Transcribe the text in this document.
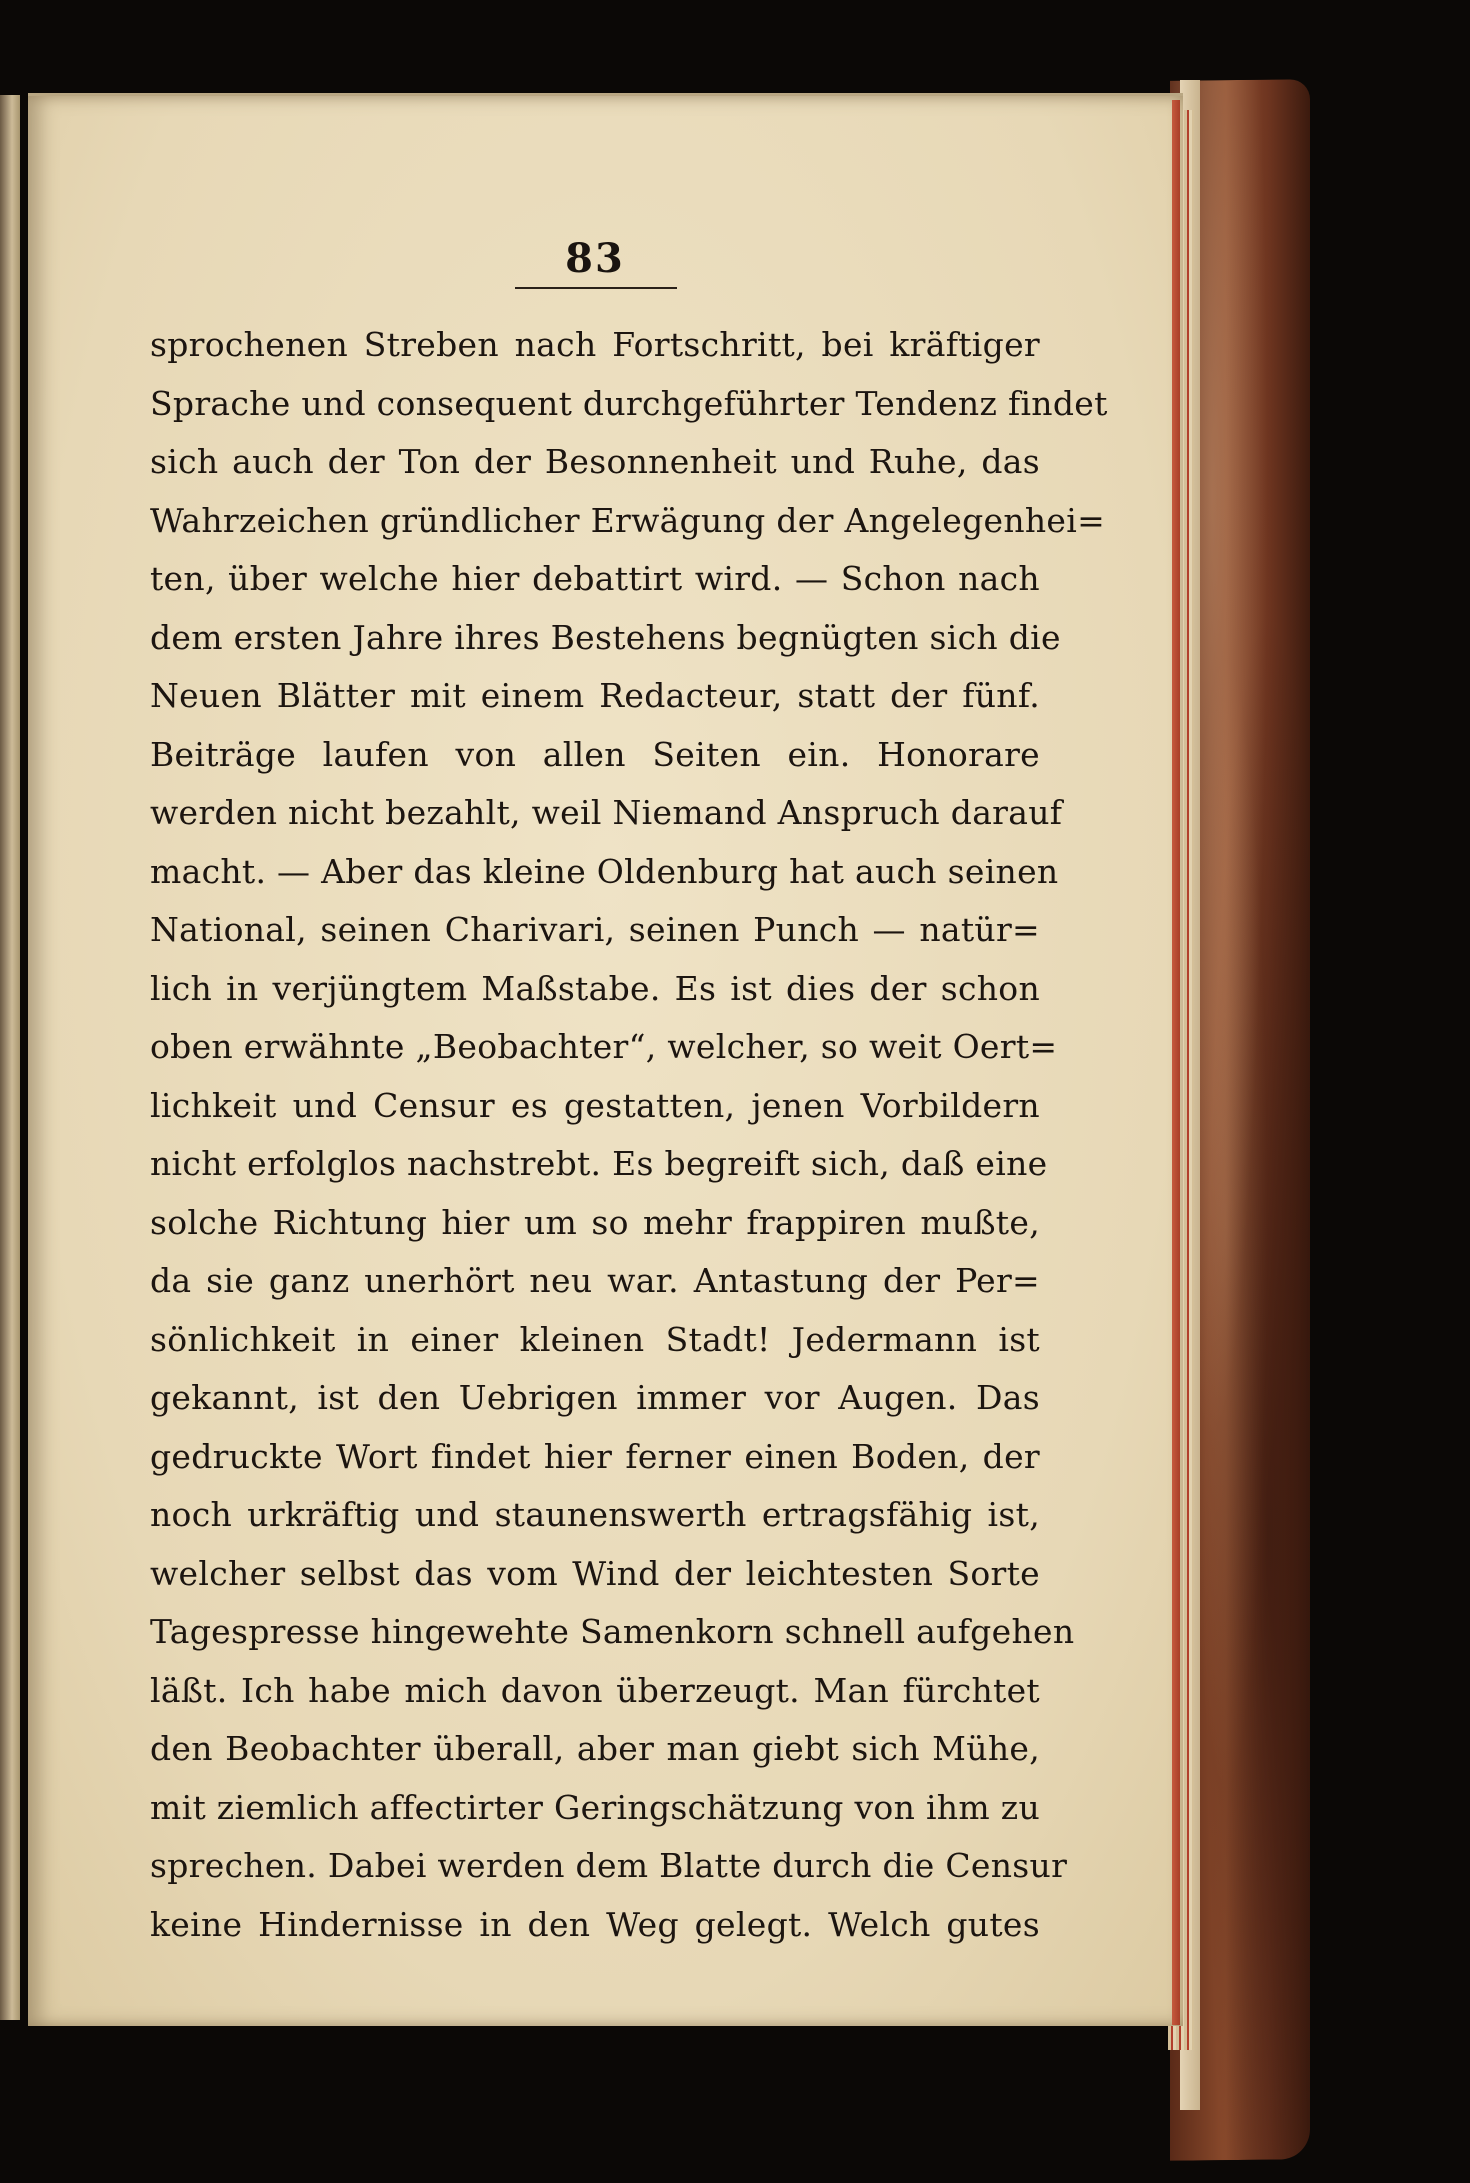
83
sprochenen Streben nach Fortschritt, bei kräftiger
Sprache und consequent durchgeführter Tendenz findet
sich auch der Ton der Besonnenheit und Ruhe, das
Wahrzeichen gründlicher Erwägung der Angelegenhei=
ten, über welche hier debattirt wird. — Schon nach
dem ersten Jahre ihres Bestehens begnügten sich die
Neuen Blätter mit einem Redacteur, statt der fünf.
Beiträge laufen von allen Seiten ein. Honorare
werden nicht bezahlt, weil Niemand Anspruch darauf
macht. — Aber das kleine Oldenburg hat auch seinen
National, seinen Charivari, seinen Punch — natür=
lich in verjüngtem Maßstabe. Es ist dies der schon
oben erwähnte „Beobachter“, welcher, so weit Oert=
lichkeit und Censur es gestatten, jenen Vorbildern
nicht erfolglos nachstrebt. Es begreift sich, daß eine
solche Richtung hier um so mehr frappiren mußte,
da sie ganz unerhört neu war. Antastung der Per=
sönlichkeit in einer kleinen Stadt! Jedermann ist
gekannt, ist den Uebrigen immer vor Augen. Das
gedruckte Wort findet hier ferner einen Boden, der
noch urkräftig und staunenswerth ertragsfähig ist,
welcher selbst das vom Wind der leichtesten Sorte
Tagespresse hingewehte Samenkorn schnell aufgehen
läßt. Ich habe mich davon überzeugt. Man fürchtet
den Beobachter überall, aber man giebt sich Mühe,
mit ziemlich affectirter Geringschätzung von ihm zu
sprechen. Dabei werden dem Blatte durch die Censur
keine Hindernisse in den Weg gelegt. Welch gutes
